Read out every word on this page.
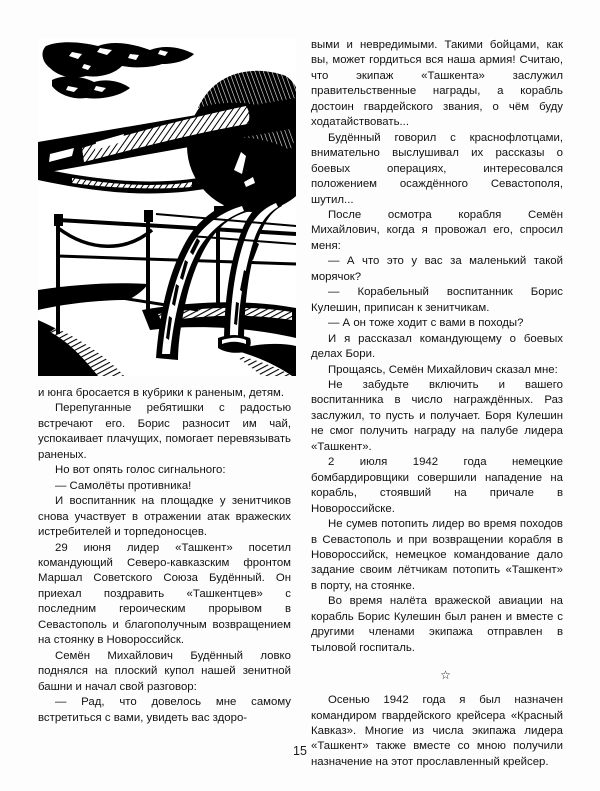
и юнга бросается в кубрики к раненым, детям.

Перепуганные ребятишки с радостью встречают его. Борис разносит им чай, успокаивает плачущих, помогает перевязывать раненых.

Но вот опять голос сигнального:

— Самолёты противника!

И воспитанник на площадке у зенитчиков снова участвует в отражении атак вражеских истребителей и торпедоносцев.

29 июня лидер «Ташкент» посетил командующий Северо-кавказским фронтом Маршал Советского Союза Будённый. Он приехал поздравить «Ташкентцев» с последним героическим прорывом в Севастополь и благополучным возвращением на стоянку в Новороссийск.

Семён Михайлович Будённый ловко поднялся на плоский купол нашей зенитной башни и начал свой разговор:

— Рад, что довелось мне самому встретиться с вами, увидеть вас здоро-

выми и невредимыми. Такими бойцами, как вы, может гордиться вся наша армия! Считаю, что экипаж «Ташкента» заслужил правительственные награды, а корабль достоин гвардейского звания, о чём буду ходатайствовать...

Будённый говорил с краснофлотцами, внимательно выслушивал их рассказы о боевых операциях, интересовался положением осаждённого Севастополя, шутил...

После осмотра корабля Семён Михайлович, когда я провожал его, спросил меня:

— А что это у вас за маленький такой морячок?

— Корабельный воспитанник Борис Кулешин, приписан к зенитчикам.

— А он тоже ходит с вами в походы?

И я рассказал командующему о боевых делах Бори.

Прощаясь, Семён Михайлович сказал мне:

Не забудьте включить и вашего воспитанника в число награждённых. Раз заслужил, то пусть и получает. Боря Кулешин не смог получить награду на палубе лидера «Ташкент».

2 июля 1942 года немецкие бомбардировщики совершили нападение на корабль, стоявший на причале в Новороссийске.

Не сумев потопить лидер во время походов в Севастополь и при возвращении корабля в Новороссийск, немецкое командование дало задание своим лётчикам потопить «Ташкент» в порту, на стоянке.

Во время налёта вражеской авиации на корабль Борис Кулешин был ранен и вместе с другими членами экипажа отправлен в тыловой госпиталь.

☆

Осенью 1942 года я был назначен командиром гвардейского крейсера «Красный Кавказ». Многие из числа экипажа лидера «Ташкент» также вместе со мною получили назначение на этот прославленный крейсер.

15
